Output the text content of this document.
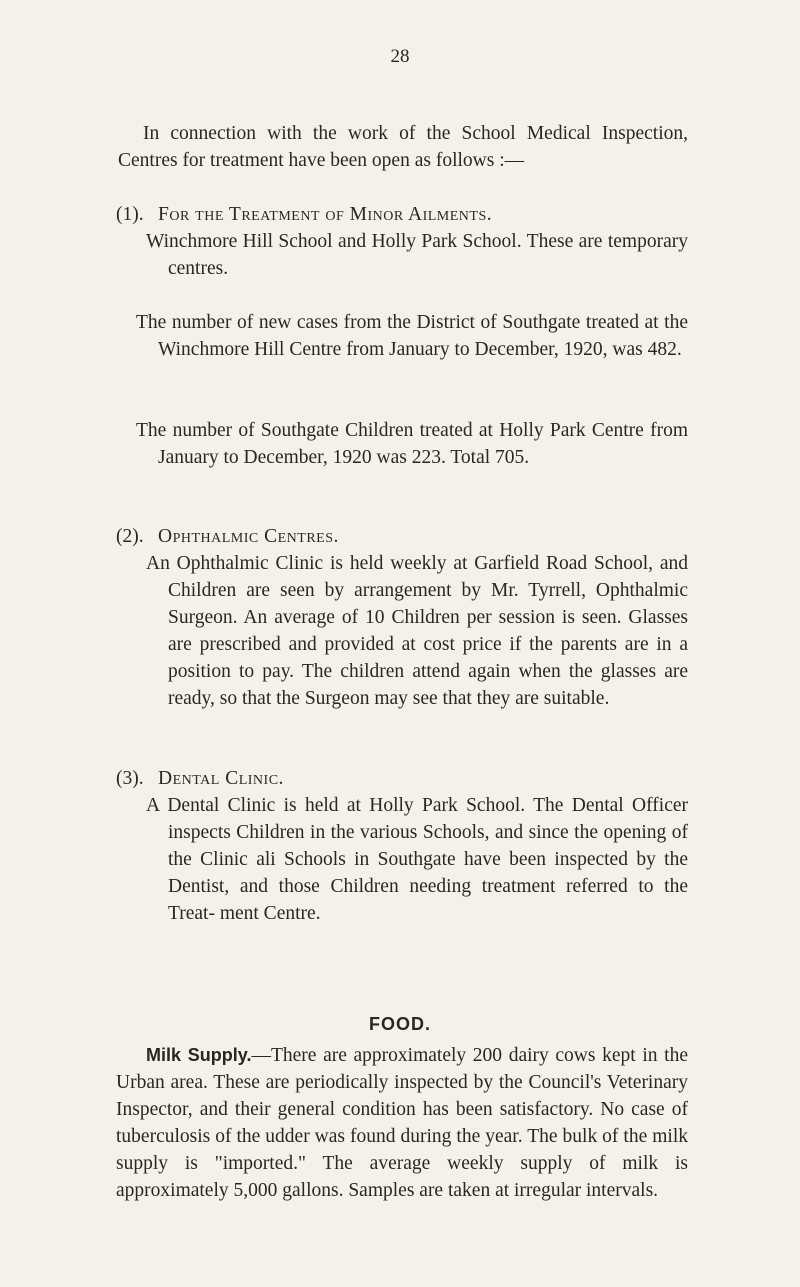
28

In connection with the work of the School Medical Inspection, Centres for treatment have been open as follows :—

(1). For the Treatment of Minor Ailments.

Winchmore Hill School and Holly Park School. These are temporary centres.

The number of new cases from the District of Southgate treated at the Winchmore Hill Centre from January to December, 1920, was 482.

The number of Southgate Children treated at Holly Park Centre from January to December, 1920 was 223. Total 705.

(2). Ophthalmic Centres.

An Ophthalmic Clinic is held weekly at Garfield Road School, and Children are seen by arrangement by Mr. Tyrrell, Ophthalmic Surgeon. An average of 10 Children per session is seen. Glasses are prescribed and provided at cost price if the parents are in a position to pay. The children attend again when the glasses are ready, so that the Surgeon may see that they are suitable.

(3). Dental Clinic.

A Dental Clinic is held at Holly Park School. The Dental Officer inspects Children in the various Schools, and since the opening of the Clinic ali Schools in Southgate have been inspected by the Dentist, and those Children needing treatment referred to the Treat- ment Centre.

FOOD.

Milk Supply.—There are approximately 200 dairy cows kept in the Urban area. These are periodically inspected by the Council's Veterinary Inspector, and their general condition has been satisfactory. No case of tuberculosis of the udder was found during the year. The bulk of the milk supply is "imported." The average weekly supply of milk is approximately 5,000 gallons. Samples are taken at irregular intervals.
